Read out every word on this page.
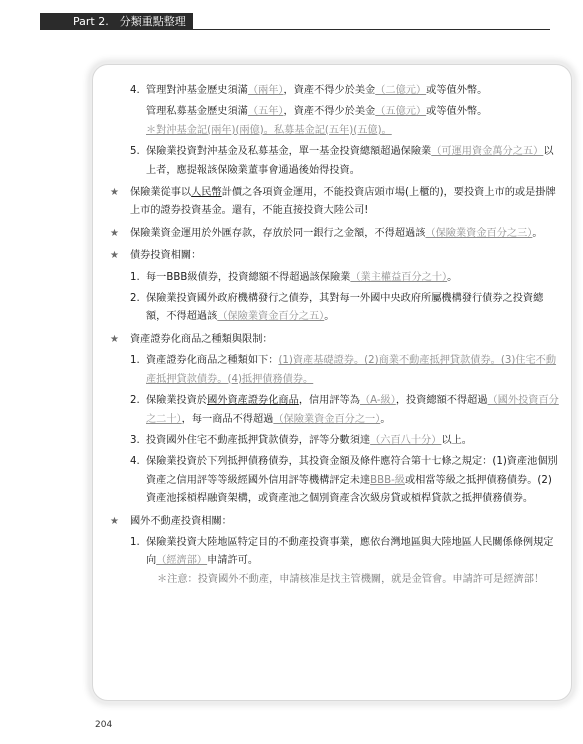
Part 2.　分類重點整理
4. 管理對沖基金歷史須滿（兩年），資產不得少於美金（二億元）或等值外幣。
管理私募基金歷史須滿（五年），資產不得少於美金（五億元）或等值外幣。
＊對沖基金記(兩年)(兩億)。私募基金記(五年)(五億)。
5. 保險業投資對沖基金及私募基金，單一基金投資總額超過保險業（可運用資金萬分之五）以上者，應提報該保險業董事會通過後始得投資。
★ 保險業從事以人民幣計價之各項資金運用，不能投資店頭市場(上櫃的)，要投資上市的或是掛牌上市的證券投資基金。還有，不能直接投資大陸公司!
★ 保險業資金運用於外匯存款，存放於同一銀行之金額，不得超過該（保險業資金百分之三）。
★ 債券投資相關：
1. 每一BBB級債券，投資總額不得超過該保險業（業主權益百分之十）。
2. 保險業投資國外政府機構發行之債券，其對每一外國中央政府所屬機構發行債券之投資總額，不得超過該（保險業資金百分之五）。
★ 資產證券化商品之種類與限制：
1. 資產證券化商品之種類如下：(1)資產基礎證券。(2)商業不動產抵押貸款債券。(3)住宅不動產抵押貸款債券。(4)抵押債務債券。
2. 保險業投資於國外資產證券化商品，信用評等為（A-級），投資總額不得超過（國外投資百分之二十），每一商品不得超過（保險業資金百分之一）。
3. 投資國外住宅不動產抵押貸款債券，評等分數須達（六百八十分）以上。
4. 保險業投資於下列抵押債務債券，其投資金額及條件應符合第十七條之規定：(1)資產池個別資產之信用評等等級經國外信用評等機構評定未達BBB-級或相當等級之抵押債務債券。(2)資產池採槓桿融資架構，或資產池之個別資產含次級房貸或槓桿貸款之抵押債務債券。
★ 國外不動產投資相關：
1. 保險業投資大陸地區特定目的不動產投資事業，應依台灣地區與大陸地區人民關係條例規定向（經濟部）申請許可。
＊注意：投資國外不動產，申請核准是找主管機關，就是金管會。申請許可是經濟部！
204
